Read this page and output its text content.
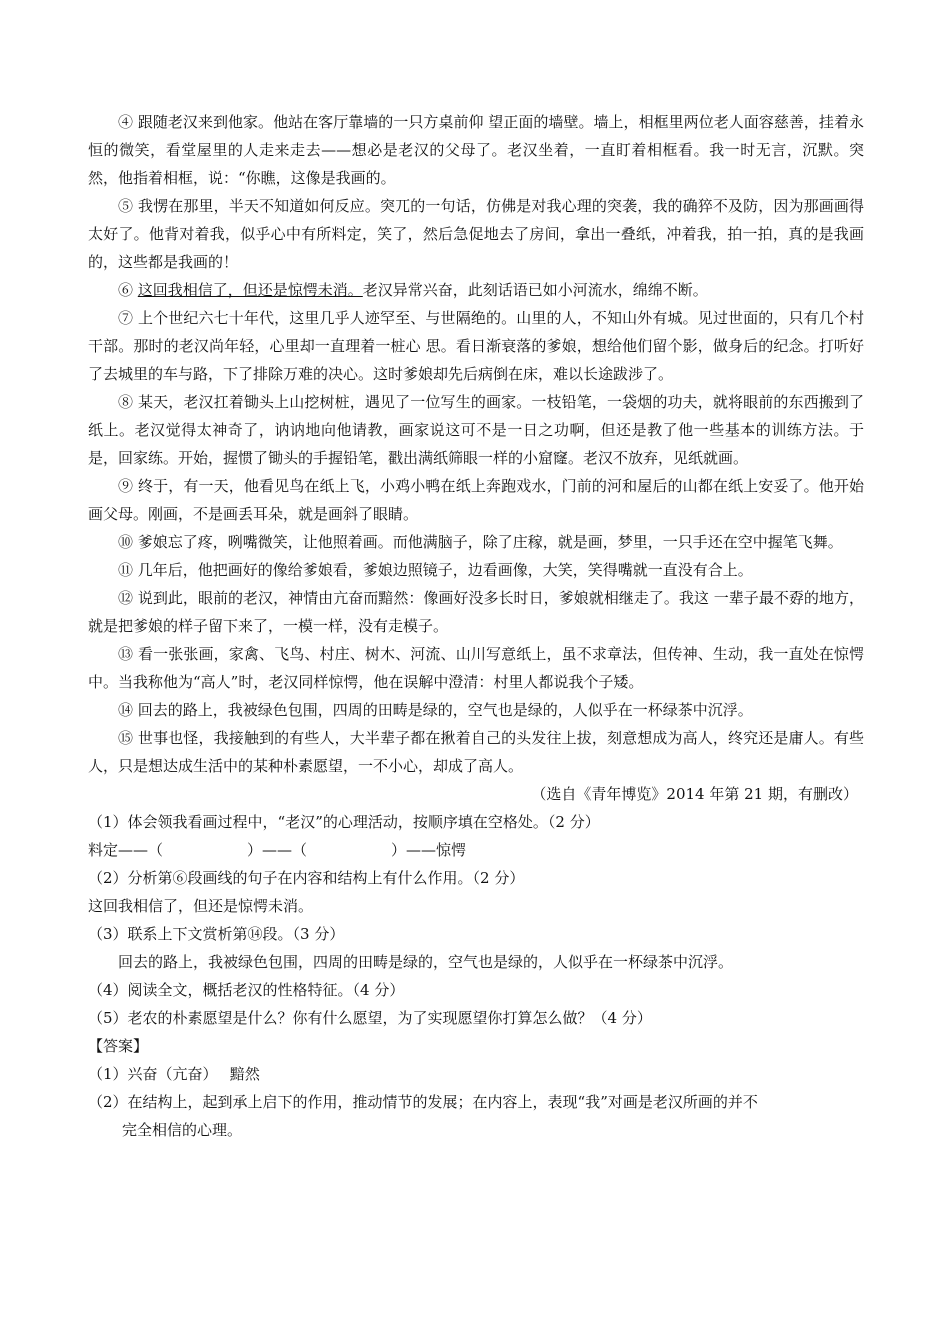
④ 跟随老汉来到他家。他站在客厅靠墙的一只方桌前仰 望正面的墙壁。墙上，相框里两位老人面容慈善，挂着永恒的微笑，看堂屋里的人走来走去——想必是老汉的父母了。老汉坐着，一直盯着相框看。我一时无言，沉默。突然，他指着相框，说：“你瞧，这像是我画的。

⑤ 我愣在那里，半天不知道如何反应。突兀的一句话，仿佛是对我心理的突袭，我的确猝不及防，因为那画画得太好了。他背对着我，似乎心中有所料定，笑了，然后急促地去了房间，拿出一叠纸，冲着我，拍一拍，真的是我画的，这些都是我画的！

⑥ 这回我相信了，但还是惊愕未消。老汉异常兴奋，此刻话语已如小河流水，绵绵不断。

⑦ 上个世纪六七十年代，这里几乎人迹罕至、与世隔绝的。山里的人，不知山外有城。见过世面的，只有几个村干部。那时的老汉尚年轻，心里却一直理着一桩心 思。看日渐衰落的爹娘，想给他们留个影，做身后的纪念。打听好了去城里的车与路，下了排除万难的决心。这时爹娘却先后病倒在床，难以长途跋涉了。

⑧ 某天，老汉扛着锄头上山挖树桩，遇见了一位写生的画家。一枝铅笔，一袋烟的功夫，就将眼前的东西搬到了纸上。老汉觉得太神奇了，讷讷地向他请教，画家说这可不是一日之功啊，但还是教了他一些基本的训练方法。于是，回家练。开始，握惯了锄头的手握铅笔，戳出满纸筛眼一样的小窟窿。老汉不放弃，见纸就画。

⑨ 终于，有一天，他看见鸟在纸上飞，小鸡小鸭在纸上奔跑戏水，门前的河和屋后的山都在纸上安妥了。他开始画父母。刚画，不是画丢耳朵，就是画斜了眼睛。

⑩ 爹娘忘了疼，咧嘴微笑，让他照着画。而他满脑子，除了庄稼，就是画，梦里，一只手还在空中握笔飞舞。

⑪ 几年后，他把画好的像给爹娘看，爹娘边照镜子，边看画像，大笑，笑得嘴就一直没有合上。

⑫ 说到此，眼前的老汉，神情由亢奋而黯然：像画好没多长时日，爹娘就相继走了。我这 一辈子最不孬的地方，就是把爹娘的样子留下来了，一模一样，没有走模子。

⑬ 看一张张画，家禽、飞鸟、村庄、树木、河流、山川写意纸上，虽不求章法，但传神、生动，我一直处在惊愕中。当我称他为“高人”时，老汉同样惊愕，他在误解中澄清：村里人都说我个子矮。

⑭ 回去的路上，我被绿色包围，四周的田畴是绿的，空气也是绿的，人似乎在一杯绿茶中沉浮。

⑮ 世事也怪，我接触到的有些人，大半辈子都在揪着自己的头发往上拔，刻意想成为高人，终究还是庸人。有些人，只是想达成生活中的某种朴素愿望，一不小心，却成了高人。

（选自《青年博览》2014 年第 21 期，有删改）

（1）体会领我看画过程中，“老汉”的心理活动，按顺序填在空格处。（2 分）

料定——（	）——（	）——惊愕

（2）分析第⑥段画线的句子在内容和结构上有什么作用。（2 分）

这回我相信了，但还是惊愕未消。

（3）联系上下文赏析第⑭段。（3 分）

回去的路上，我被绿色包围，四周的田畴是绿的，空气也是绿的，人似乎在一杯绿茶中沉浮。

（4）阅读全文，概括老汉的性格特征。（4 分）

（5）老农的朴素愿望是什么？你有什么愿望，为了实现愿望你打算怎么做？（4 分）

【答案】

（1）兴奋（亢奋）　 黯然

（2）在结构上，起到承上启下的作用，推动情节的发展；在内容上，表现“我”对画是老汉所画的并不

完全相信的心理。
